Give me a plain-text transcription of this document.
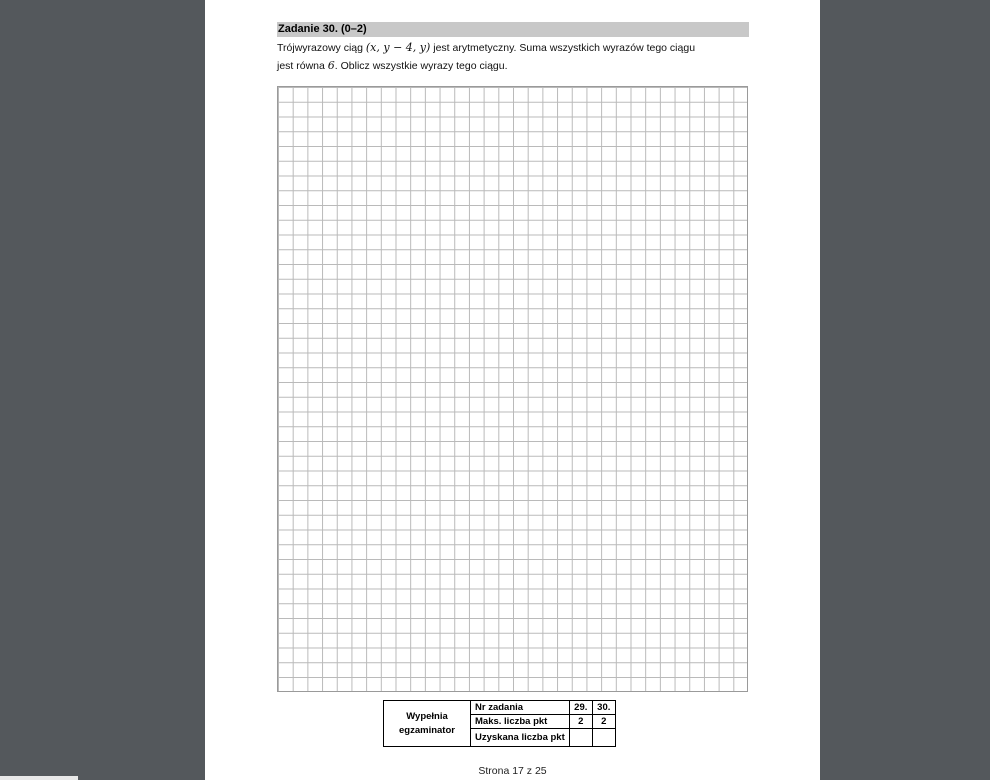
Zadanie 30. (0–2)
Trójwyrazowy ciąg (x, y − 4, y) jest arytmetyczny. Suma wszystkich wyrazów tego ciągu
jest równa 6. Oblicz wszystkie wyrazy tego ciągu.
Wypełnia
egzaminator	Nr zadania	29.	30.
	Maks. liczba pkt	2	2
	Uzyskana liczba pkt		
Strona 17 z 25
